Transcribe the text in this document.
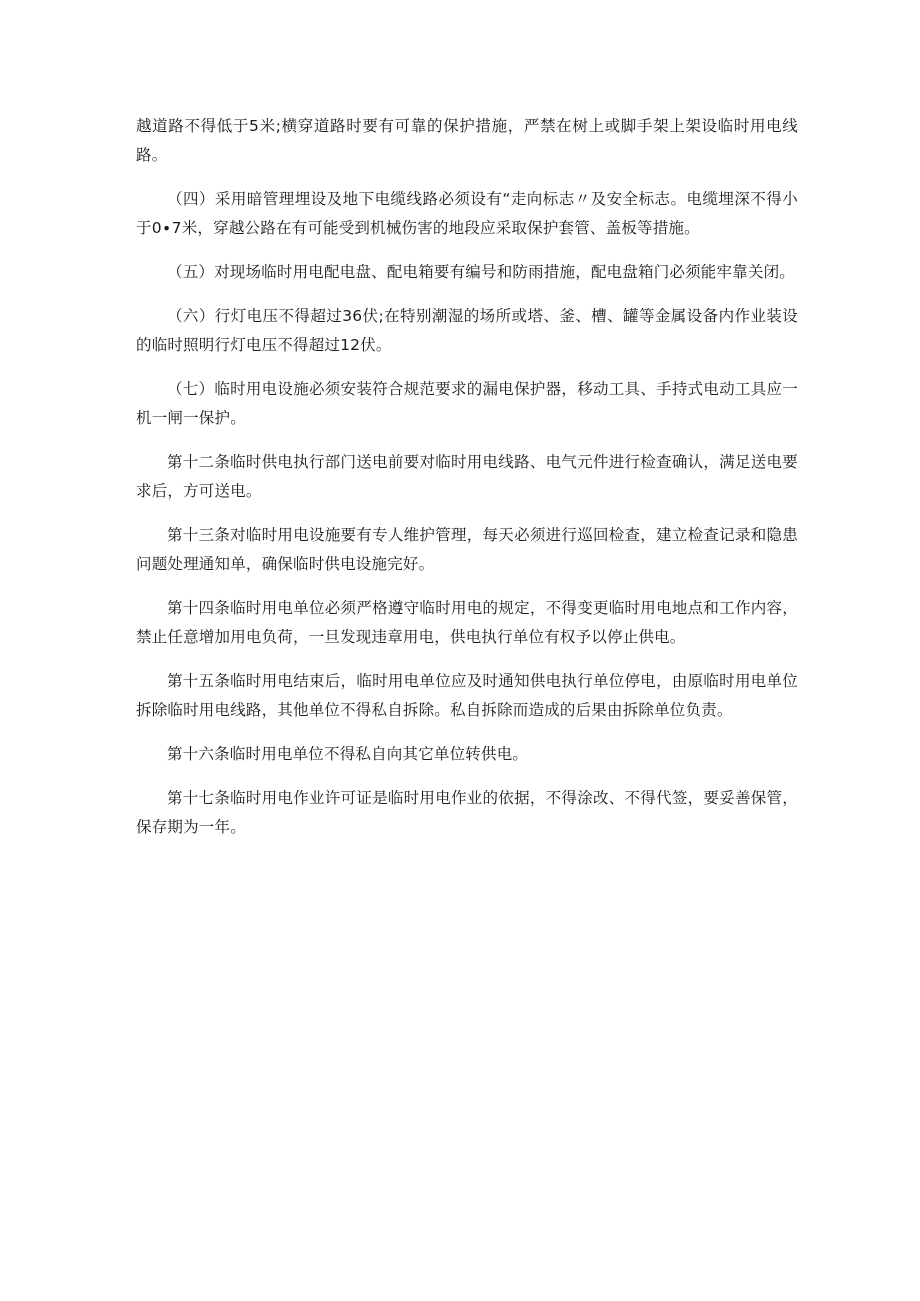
越道路不得低于5米;横穿道路时要有可靠的保护措施，严禁在树上或脚手架上架设临时用电线路。

（四）采用暗管理埋设及地下电缆线路必须设有“走向标志〃及安全标志。电缆埋深不得小于0∙7米，穿越公路在有可能受到机械伤害的地段应采取保护套管、盖板等措施。

（五）对现场临时用电配电盘、配电箱要有编号和防雨措施，配电盘箱门必须能牢靠关闭。

（六）行灯电压不得超过36伏;在特别潮湿的场所或塔、釜、槽、罐等金属设备内作业装设的临时照明行灯电压不得超过12伏。

（七）临时用电设施必须安装符合规范要求的漏电保护器，移动工具、手持式电动工具应一机一闸一保护。

第十二条临时供电执行部门送电前要对临时用电线路、电气元件进行检查确认，满足送电要求后，方可送电。

第十三条对临时用电设施要有专人维护管理，每天必须进行巡回检查，建立检查记录和隐患问题处理通知单，确保临时供电设施完好。

第十四条临时用电单位必须严格遵守临时用电的规定，不得变更临时用电地点和工作内容，禁止任意增加用电负荷，一旦发现违章用电，供电执行单位有权予以停止供电。

第十五条临时用电结束后，临时用电单位应及时通知供电执行单位停电，由原临时用电单位拆除临时用电线路，其他单位不得私自拆除。私自拆除而造成的后果由拆除单位负责。

第十六条临时用电单位不得私自向其它单位转供电。

第十七条临时用电作业许可证是临时用电作业的依据，不得涂改、不得代签，要妥善保管，保存期为一年。
